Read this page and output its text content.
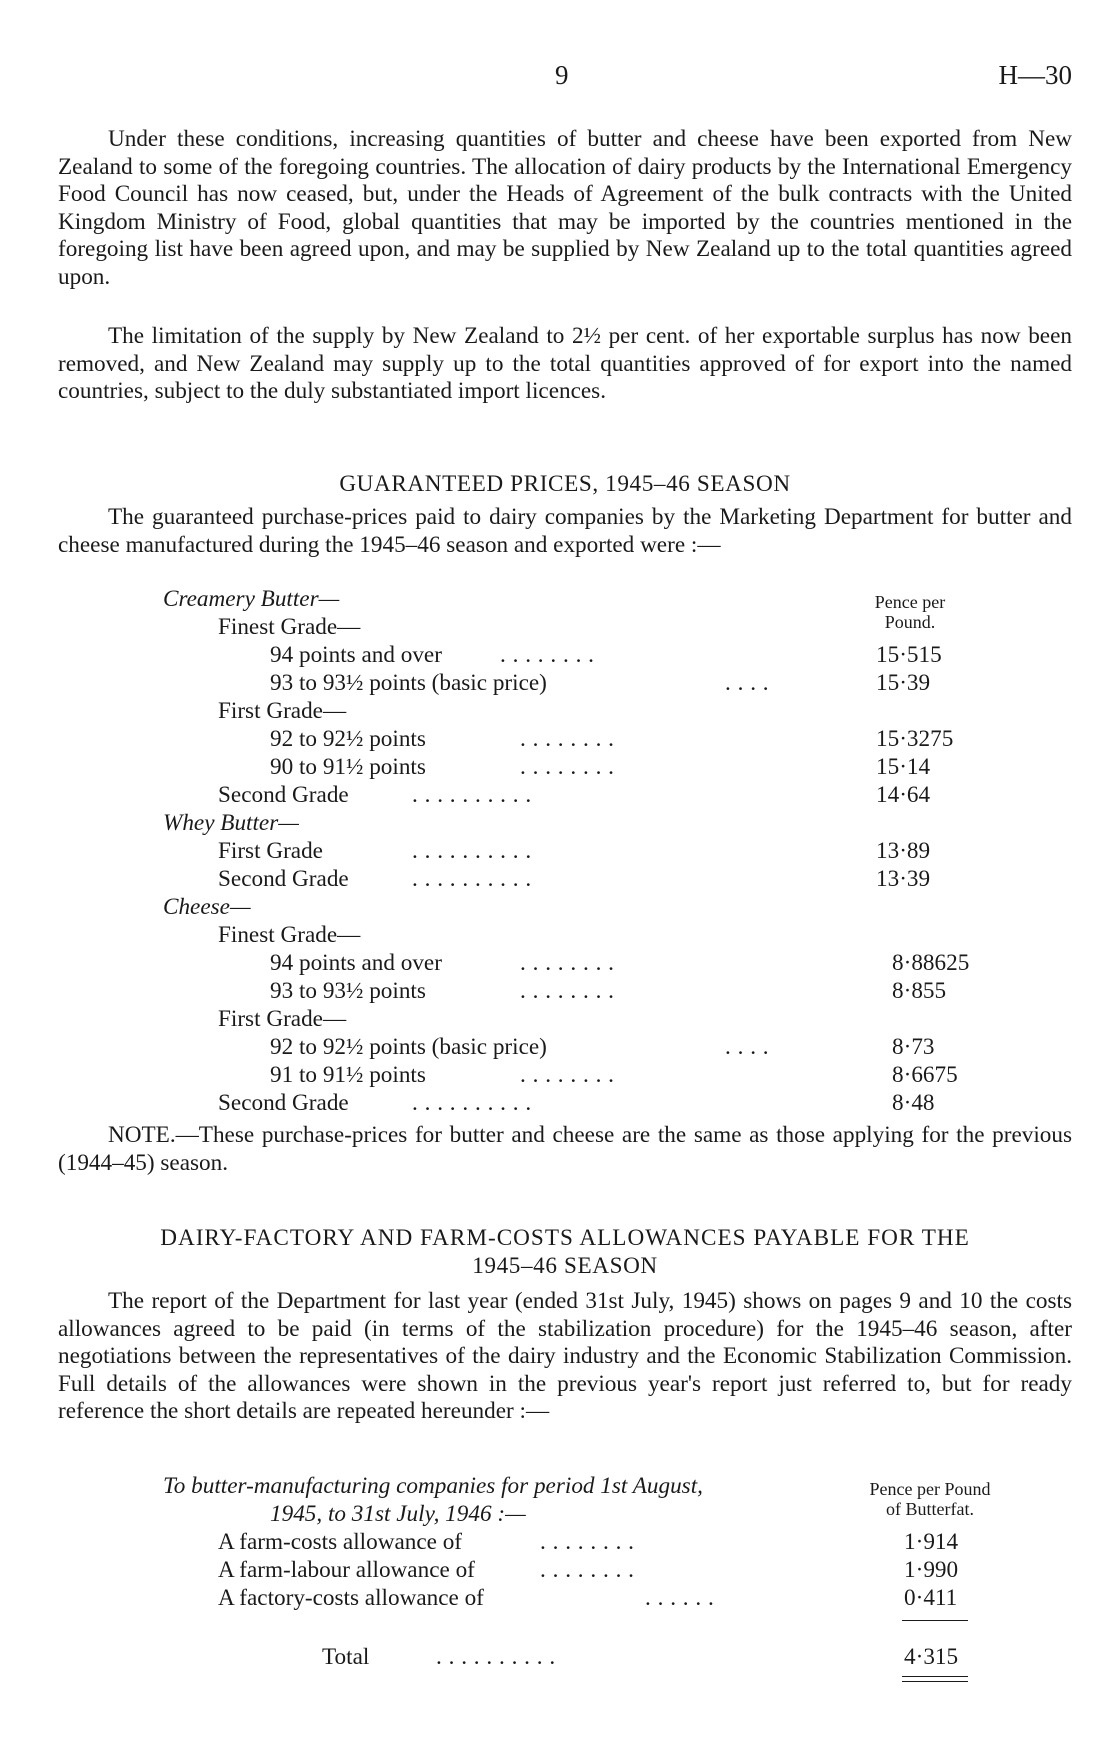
9	H—30

Under these conditions, increasing quantities of butter and cheese have been exported from New Zealand to some of the foregoing countries. The allocation of dairy products by the International Emergency Food Council has now ceased, but, under the Heads of Agreement of the bulk contracts with the United Kingdom Ministry of Food, global quantities that may be imported by the countries mentioned in the foregoing list have been agreed upon, and may be supplied by New Zealand up to the total quantities agreed upon.

The limitation of the supply by New Zealand to 2½ per cent. of her exportable surplus has now been removed, and New Zealand may supply up to the total quantities approved of for export into the named countries, subject to the duly substantiated import licences.

GUARANTEED PRICES, 1945–46 SEASON

The guaranteed purchase-prices paid to dairy companies by the Marketing Department for butter and cheese manufactured during the 1945–46 season and exported were :—

Pence per
Pound.
Creamery Butter—
Finest Grade—
94 points and over	. . . . . . . .	15·515
93 to 93½ points (basic price)	. . . .	15·39
First Grade—
92 to 92½ points	. . . . . . . .	15·3275
90 to 91½ points	. . . . . . . .	15·14
Second Grade	. . . . . . . . . .	14·64
Whey Butter—
First Grade	. . . . . . . . . .	13·89
Second Grade	. . . . . . . . . .	13·39
Cheese—
Finest Grade—
94 points and over	. . . . . . . .	8·88625
93 to 93½ points	. . . . . . . .	8·855
First Grade—
92 to 92½ points (basic price)	. . . .	8·73
91 to 91½ points	. . . . . . . .	8·6675
Second Grade	. . . . . . . . . .	8·48

NOTE.—These purchase-prices for butter and cheese are the same as those applying for the previous (1944–45) season.

DAIRY-FACTORY AND FARM-COSTS ALLOWANCES PAYABLE FOR THE

1945–46 SEASON

The report of the Department for last year (ended 31st July, 1945) shows on pages 9 and 10 the costs allowances agreed to be paid (in terms of the stabilization procedure) for the 1945–46 season, after negotiations between the representatives of the dairy industry and the Economic Stabilization Commission. Full details of the allowances were shown in the previous year's report just referred to, but for ready reference the short details are repeated hereunder :—

To butter-manufacturing companies for period 1st August,
1945, to 31st July, 1946 :—
Pence per Pound
of Butterfat.
A farm-costs allowance of	. . . . . . . .	1·914
A farm-labour allowance of	. . . . . . . .	1·990
A factory-costs allowance of	. . . . . .	0·411
Total	. . . . . . . . . .	4·315
